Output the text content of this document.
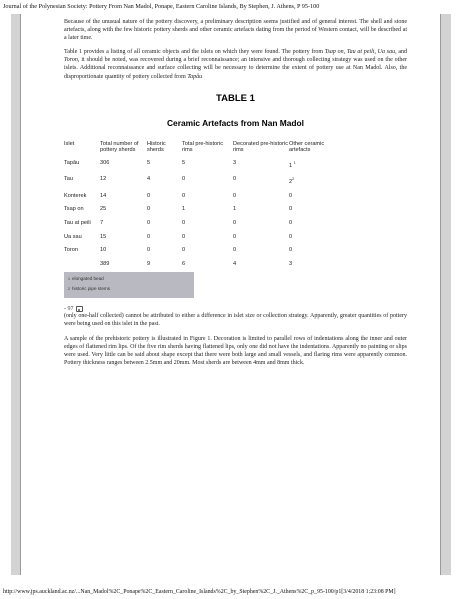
Journal of the Polynesian Society: Pottery From Nan Madol, Ponape, Eastern Caroline Islands, By Stephen, J. Athens, P 95-100

Because of the unusual nature of the pottery discovery, a preliminary description seems justified and of general interest. The shell and stone artefacts, along with the few historic pottery sherds and other ceramic artefacts dating from the period of Western contact, will be described at a later time.

Table 1 provides a listing of all ceramic objects and the islets on which they were found. The pottery from Tsap on, Tau at peili, Ua sau, and Toron, it should be noted, was recovered during a brief reconnaissance; an intensive and thorough collecting strategy was used on the other islets. Additional reconnaissance and surface collecting will be necessary to determine the extent of pottery use at Nan Madol. Also, the disproportionate quantity of pottery collected from Tapâu

TABLE 1
Ceramic Artefacts from Nan Madol
Islet	Total number of pottery sherds	Historic sherds	Total pre-historic rims	Decorated pre-historic rims	Other ceramic artefacts
Tapâu	306	5	5	3	1 $^1$
Tau	12	4	0	0	$2^2$
Konterek	14	0	0	0	0
Tsap on	25	0	1	1	0
Tau at peili	7	0	0	0	0
Ua sau	15	0	0	0	0
Toron	10	0	0	0	0
	389	9	6	4	3
1 elongated bead
2 historic pipe stems
- 97

(only one-half collected) cannot be attributed to either a difference in islet size or collection strategy. Apparently, greater quantities of pottery were being used on this islet in the past.

A sample of the prehistoric pottery is illustrated in Figure 1. Decoration is limited to parallel rows of indentations along the inner and outer edges of flattened rim lips. Of the five rim sherds having flattened lips, only one did not have the indentations. Apparently no painting or slips were used. Very little can be said about shape except that there were both large and small vessels, and flaring rims were apparently common. Pottery thickness ranges between 2.5mm and 20mm. Most sherds are between 4mm and 8mm thick.

http://www.jps.auckland.ac.nz/...Nan_Madol%2C_Ponape%2C_Eastern_Caroline_Islands%2C_by_Stephen%2C_J._Athens%2C_p_95-100/p1[3/4/2018 1:23:08 PM]
